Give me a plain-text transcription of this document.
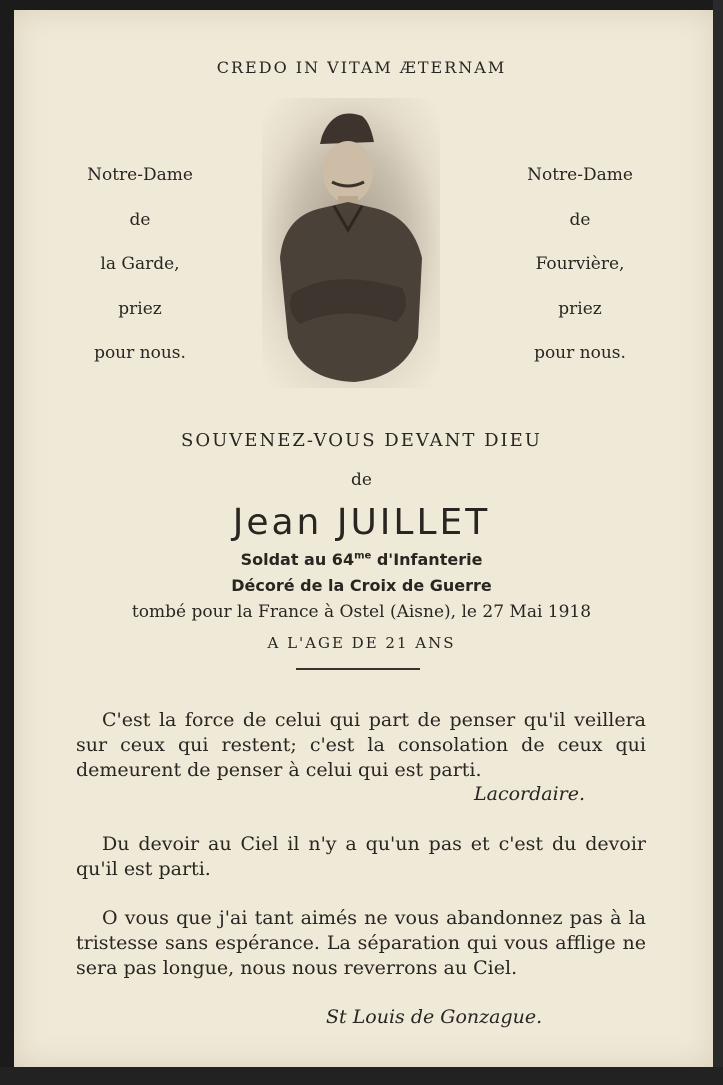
CREDO IN VITAM ÆTERNAM
Notre-Dame
de
la Garde,
priez
pour nous.
Notre-Dame
de
Fourvière,
priez
pour nous.
SOUVENEZ-VOUS DEVANT DIEU
de
Jean JUILLET
Soldat au $64^{me}$ d'Infanterie
Décoré de la Croix de Guerre
tombé pour la France à Ostel (Aisne), le 27 Mai 1918
A L'AGE DE 21 ANS
C'est la force de celui qui part de penser qu'il veillera sur ceux qui restent; c'est la consolation de ceux qui demeurent de penser à celui qui est parti.
Lacordaire.
Du devoir au Ciel il n'y a qu'un pas et c'est du devoir qu'il est parti.
O vous que j'ai tant aimés ne vous abandonnez pas à la tristesse sans espérance. La séparation qui vous afflige ne sera pas longue, nous nous reverrons au Ciel.
St Louis de Gonzague.
